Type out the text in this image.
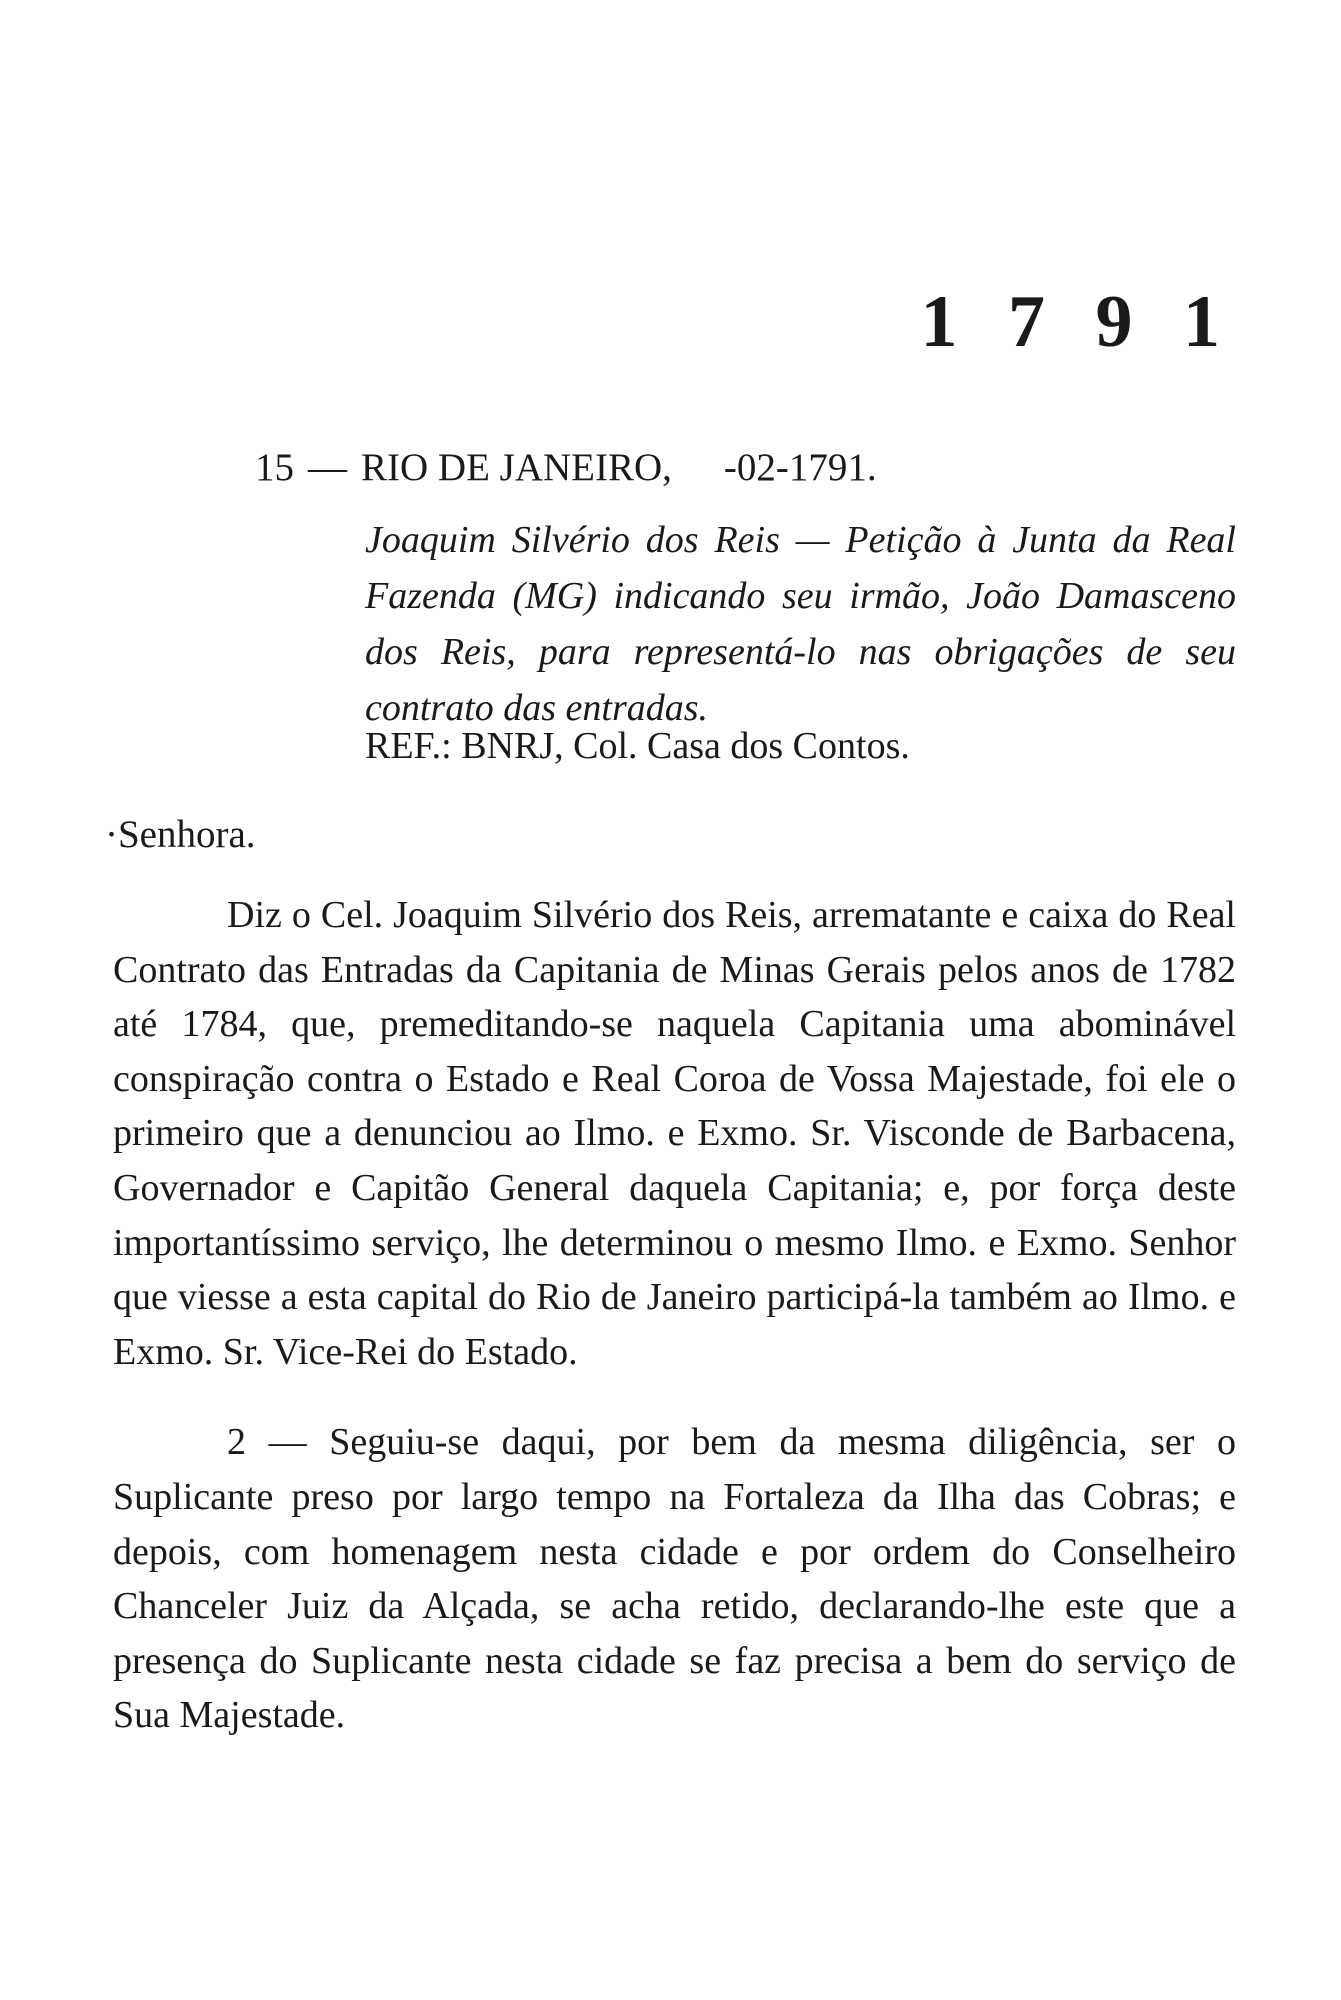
1 7 9 1
15 — RIO DE JANEIRO, -02-1791.
Joaquim Silvério dos Reis — Petição à Junta da Real Fazenda (MG) indicando seu irmão, João Damasceno dos Reis, para representá-lo nas obrigações de seu contrato das entradas.
REF.: BNRJ, Col. Casa dos Contos.
·Senhora.

Diz o Cel. Joaquim Silvério dos Reis, arrematante e caixa do Real Contrato das Entradas da Capitania de Minas Gerais pelos anos de 1782 até 1784, que, premeditando-se naquela Capitania uma abominável conspiração contra o Estado e Real Coroa de Vossa Majestade, foi ele o primeiro que a denunciou ao Ilmo. e Exmo. Sr. Visconde de Barbacena, Governador e Capitão General daquela Capitania; e, por força deste importantíssimo serviço, lhe determinou o mesmo Ilmo. e Exmo. Senhor que viesse a esta capital do Rio de Janeiro participá-la também ao Ilmo. e Exmo. Sr. Vice-Rei do Estado.

2 — Seguiu-se daqui, por bem da mesma diligência, ser o Suplicante preso por largo tempo na Fortaleza da Ilha das Cobras; e depois, com homenagem nesta cidade e por ordem do Conselheiro Chanceler Juiz da Alçada, se acha retido, declarando-lhe este que a presença do Suplicante nesta cidade se faz precisa a bem do serviço de Sua Majestade.
